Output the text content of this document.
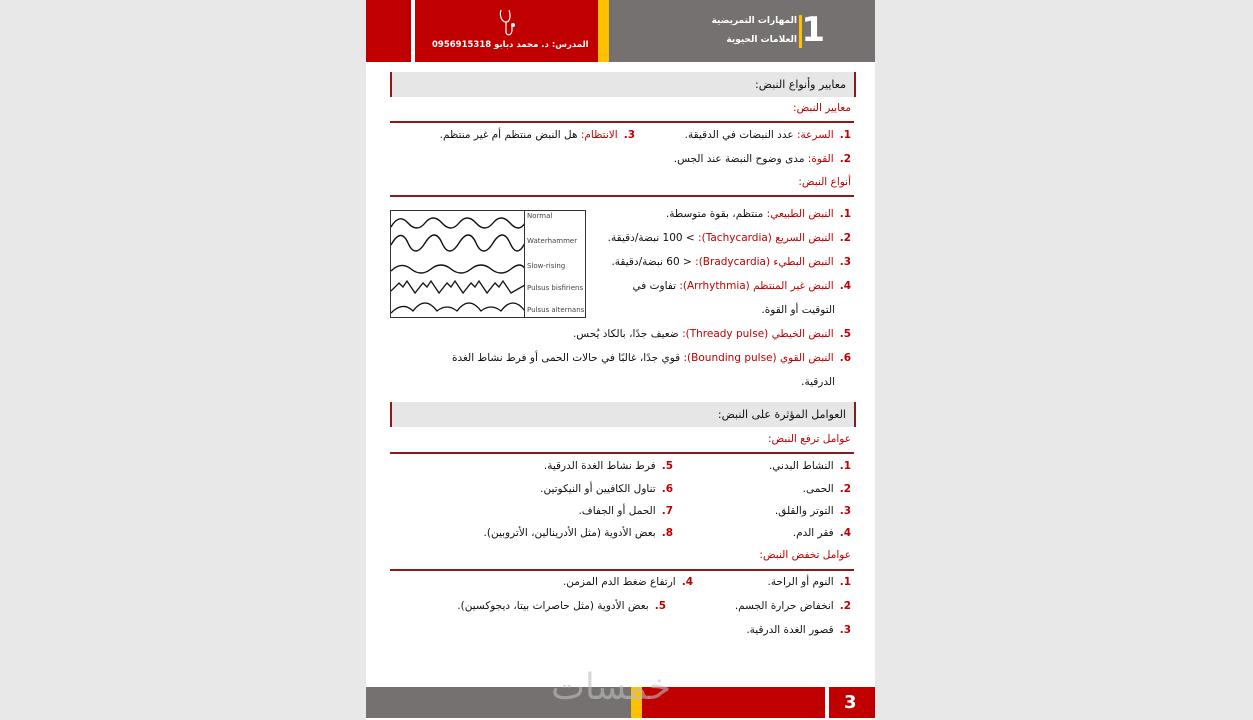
المدرس: د. محمد دبابو 0956915318
المهارات التمريضية
العلامات الحيوية 1
معايير وأنواع النبض:
معايير النبض:
1.السرعة: عدد النبضات في الدقيقة.
2.القوة: مدى وضوح النبضة عند الجس.
3.الانتظام: هل النبض منتظم أم غير منتظم.
أنواع النبض:
1.النبض الطبيعي: منتظم، بقوة متوسطة.
2.النبض السريع (Tachycardia): > 100 نبضة/دقيقة.
3.النبض البطيء (Bradycardia): < 60 نبضة/دقيقة.
4.النبض غير المنتظم (Arrhythmia): تفاوت في
التوقيت أو القوة.
5.النبض الخيطي (Thready pulse): ضعيف جدًا، بالكاد يُحس.
6.النبض القوي (Bounding pulse): قوي جدًا، غالبًا في حالات الحمى أو فرط نشاط الغدة
الدرقية.
Normal
Waterhammer
Slow-rising
Pulsus bisfiriens
Pulsus alternans
العوامل المؤثرة على النبض:
عوامل ترفع النبض:
1.النشاط البدني.
2.الحمى.
3.التوتر والقلق.
4.فقر الدم.
5.فرط نشاط الغدة الدرقية.
6.تناول الكافيين أو النيكوتين.
7.الحمل أو الجفاف.
8.بعض الأدوية (مثل الأدرينالين، الأتروبين).
عوامل تخفض النبض:
1.النوم أو الراحة.
2.انخفاض حرارة الجسم.
3.قصور الغدة الدرقية.
4.ارتفاع ضغط الدم المزمن.
5.بعض الأدوية (مثل حاصرات بيتا، ديجوكسين).
3
خمسات
